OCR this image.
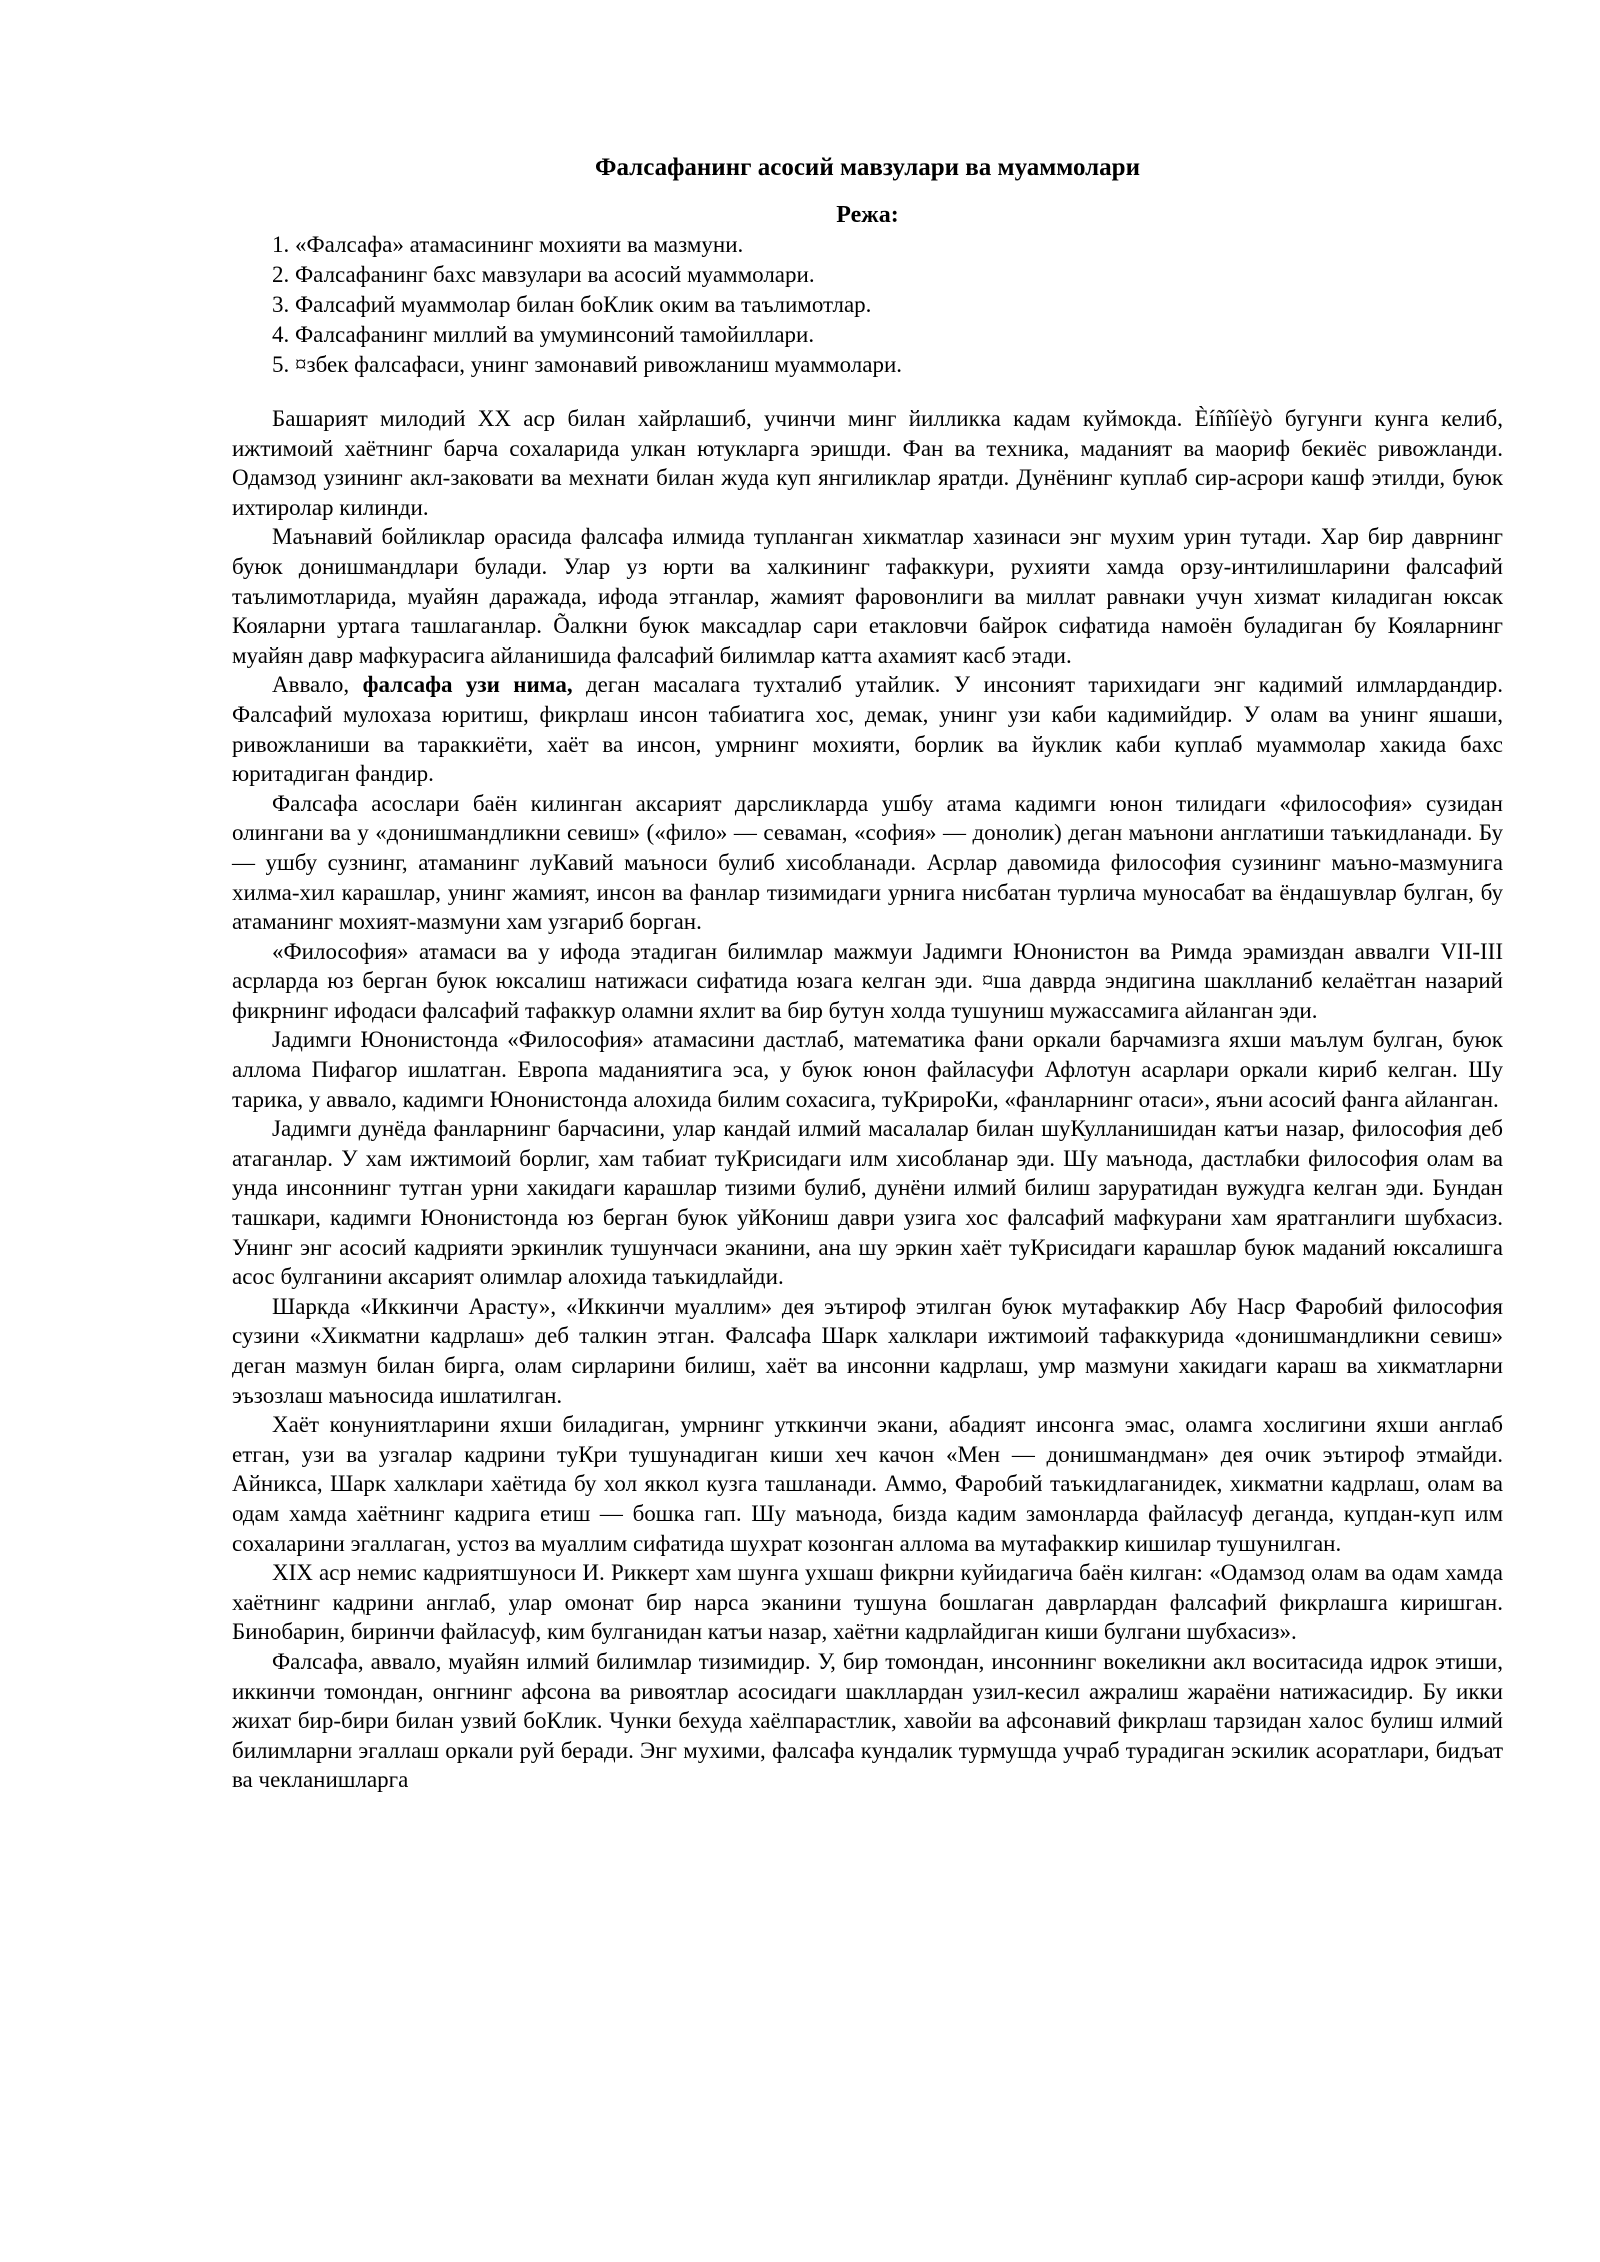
Фалсафанинг асосий мавзулари ва муаммолари
Режа:
1. «Фалсафа» атамасининг мохияти ва мазмуни.
2. Фалсафанинг бахс мавзулари ва асосий муаммолари.
3. Фалсафий муаммолар билан боКлик оким ва таълимотлар.
4. Фалсафанинг миллий ва умуминсоний тамойиллари.
5. ¤збек фалсафаси, унинг замонавий ривожланиш муаммолари.

Башарият милодий XX аср билан хайрлашиб, учинчи минг йилликка кадам куймокда. Èíñîíèÿò бугунги кунга келиб, ижтимоий хаётнинг барча сохаларида улкан ютукларга эришди. Фан ва техника, маданият ва маориф бекиёс ривожланди. Одамзод узининг акл-заковати ва мехнати билан жуда куп янгиликлар яратди. Дунёнинг куплаб сир-асрори кашф этилди, буюк ихтиролар килинди.

Маънавий бойликлар орасида фалсафа илмида тупланган хикматлар хазинаси энг мухим урин тутади. Хар бир даврнинг буюк донишмандлари булади. Улар уз юрти ва халкининг тафаккури, рухияти хамда орзу-интилишларини фалсафий таълимотларида, муайян даражада, ифода этганлар, жамият фаровонлиги ва миллат равнаки учун хизмат киладиган юксак Кояларни уртага ташлаганлар. Õалкни буюк максадлар сари етакловчи байрок сифатида намоён буладиган бу Кояларнинг муайян давр мафкурасига айланишида фалсафий билимлар катта ахамият касб этади.

Аввало, фалсафа узи нима, деган масалага тухталиб утайлик. У инсоният тарихидаги энг кадимий илмлардандир. Фалсафий мулохаза юритиш, фикрлаш инсон табиатига хос, демак, унинг узи каби кадимийдир. У олам ва унинг яшаши, ривожланиши ва тараккиёти, хаёт ва инсон, умрнинг мохияти, борлик ва йуклик каби куплаб муаммолар хакида бахс юритадиган фандир.

Фалсафа асослари баён килинган аксарият дарсликларда ушбу атама кадимги юнон тилидаги «философия» сузидан олингани ва у «донишмандликни севиш» («фило» — севаман, «софия» — донолик) деган маънони англатиши таъкидланади. Бу — ушбу сузнинг, атаманинг луКавий маъноси булиб хисобланади. Асрлар давомида философия сузининг маъно-мазмунига хилма-хил карашлар, унинг жамият, инсон ва фанлар тизимидаги урнига нисбатан турлича муносабат ва ёндашувлар булган, бу атаманинг мохият-мазмуни хам узгариб борган.

«Философия» атамаси ва у ифода этадиган билимлар мажмуи Јадимги Юнонистон ва Римда эрамиздан аввалги VII-III асрларда юз берган буюк юксалиш натижаси сифатида юзага келган эди. ¤ша даврда эндигина шаклланиб келаётган назарий фикрнинг ифодаси фалсафий тафаккур оламни яхлит ва бир бутун холда тушуниш мужассамига айланган эди.

Јадимги Юнонистонда «Философия» атамасини дастлаб, математика фани оркали барчамизга яхши маълум булган, буюк аллома Пифагор ишлатган. Европа маданиятига эса, у буюк юнон файласуфи Афлотун асарлари оркали кириб келган. Шу тарика, у аввало, кадимги Юнонистонда алохида билим сохасига, туКрироКи, «фанларнинг отаси», яъни асосий фанга айланган.

Јадимги дунёда фанларнинг барчасини, улар кандай илмий масалалар билан шуКулланишидан катъи назар, философия деб атаганлар. У хам ижтимоий борлиг, хам табиат туКрисидаги илм хисобланар эди. Шу маънода, дастлабки философия олам ва унда инсоннинг тутган урни хакидаги карашлар тизими булиб, дунёни илмий билиш заруратидан вужудга келган эди. Бундан ташкари, кадимги Юнонистонда юз берган буюк уйКониш даври узига хос фалсафий мафкурани хам яратганлиги шубхасиз. Унинг энг асосий кадрияти эркинлик тушунчаси эканини, ана шу эркин хаёт туКрисидаги карашлар буюк маданий юксалишга асос булганини аксарият олимлар алохида таъкидлайди.

Шаркда «Иккинчи Арасту», «Иккинчи муаллим» дея эътироф этилган буюк мутафаккир Абу Наср Фаробий философия сузини «Хикматни кадрлаш» деб талкин этган. Фалсафа Шарк халклари ижтимоий тафаккурида «донишмандликни севиш» деган мазмун билан бирга, олам сирларини билиш, хаёт ва инсонни кадрлаш, умр мазмуни хакидаги караш ва хикматларни эъзозлаш маъносида ишлатилган.

Хаёт конуниятларини яхши биладиган, умрнинг утккинчи экани, абадият инсонга эмас, оламга хослигини яхши англаб етган, узи ва узгалар кадрини туКри тушунадиган киши хеч качон «Мен — донишмандман» дея очик эътироф этмайди. Айникса, Шарк халклари хаётида бу хол яккол кузга ташланади. Аммо, Фаробий таъкидлаганидек, хикматни кадрлаш, олам ва одам хамда хаётнинг кадрига етиш — бошка гап. Шу маънода, бизда кадим замонларда файласуф деганда, купдан-куп илм сохаларини эгаллаган, устоз ва муаллим сифатида шухрат козонган аллома ва мутафаккир кишилар тушунилган.

XIX аср немис кадриятшуноси И. Риккерт хам шунга ухшаш фикрни куйидагича баён килган: «Одамзод олам ва одам хамда хаётнинг кадрини англаб, улар омонат бир нарса эканини тушуна бошлаган даврлардан фалсафий фикрлашга киришган. Бинобарин, биринчи файласуф, ким булганидан катъи назар, хаётни кадрлайдиган киши булгани шубхасиз».

Фалсафа, аввало, муайян илмий билимлар тизимидир. У, бир томондан, инсоннинг вокеликни акл воситасида идрок этиши, иккинчи томондан, онгнинг афсона ва ривоятлар асосидаги шакллардан узил-кесил ажралиш жараёни натижасидир. Бу икки жихат бир-бири билан узвий боКлик. Чунки бехуда хаёлпарастлик, хавойи ва афсонавий фикрлаш тарзидан халос булиш илмий билимларни эгаллаш оркали руй беради. Энг мухими, фалсафа кундалик турмушда учраб турадиган эскилик асоратлари, бидъат ва чекланишларга
